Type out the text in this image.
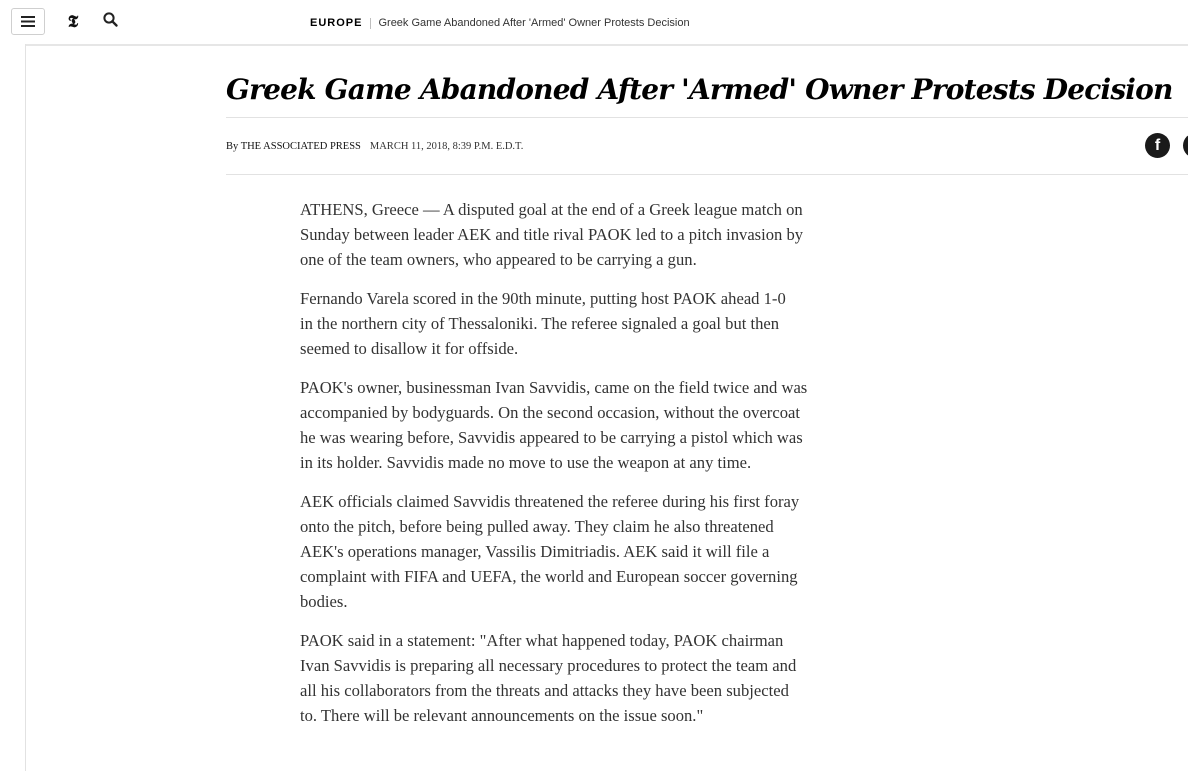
𝕿	EUROPE Greek Game Abandoned After 'Armed' Owner Protests Decision
Greek Game Abandoned After 'Armed' Owner Protests Decision
By THE ASSOCIATED PRESS MARCH 11, 2018, 8:39 P.M. E.D.T.	f

ATHENS, Greece — A disputed goal at the end of a Greek league match on
Sunday between leader AEK and title rival PAOK led to a pitch invasion by
one of the team owners, who appeared to be carrying a gun.

Fernando Varela scored in the 90th minute, putting host PAOK ahead 1-0
in the northern city of Thessaloniki. The referee signaled a goal but then
seemed to disallow it for offside.

PAOK's owner, businessman Ivan Savvidis, came on the field twice and was
accompanied by bodyguards. On the second occasion, without the overcoat
he was wearing before, Savvidis appeared to be carrying a pistol which was
in its holder. Savvidis made no move to use the weapon at any time.

AEK officials claimed Savvidis threatened the referee during his first foray
onto the pitch, before being pulled away. They claim he also threatened
AEK's operations manager, Vassilis Dimitriadis. AEK said it will file a
complaint with FIFA and UEFA, the world and European soccer governing
bodies.

PAOK said in a statement: "After what happened today, PAOK chairman
Ivan Savvidis is preparing all necessary procedures to protect the team and
all his collaborators from the threats and attacks they have been subjected
to. There will be relevant announcements on the issue soon."
